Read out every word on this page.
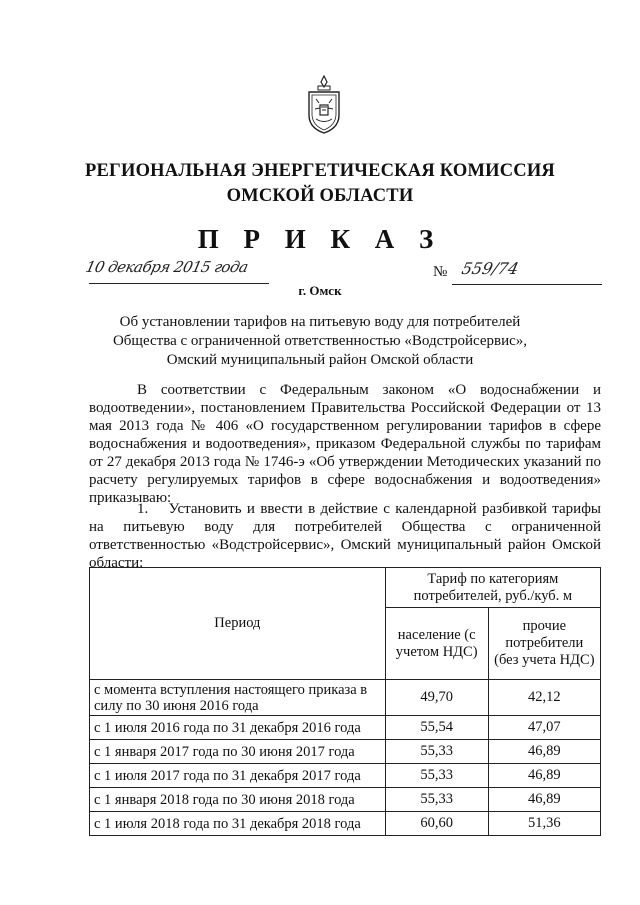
РЕГИОНАЛЬНАЯ ЭНЕРГЕТИЧЕСКАЯ КОМИССИЯ
ОМСКОЙ ОБЛАСТИ
П Р И К А З
10 декабря 2015 года	№ 559/74
г. Омск
Об установлении тарифов на питьевую воду для потребителей
Общества с ограниченной ответственностью «Водстройсервис»,
Омский муниципальный район Омской области
В соответствии с Федеральным законом «О водоснабжении и водоотведении», постановлением Правительства Российской Федерации от 13 мая 2013 года № 406 «О государственном регулировании тарифов в сфере водоснабжения и водоотведения», приказом Федеральной службы по тарифам от 27 декабря 2013 года № 1746-э «Об утверждении Методических указаний по расчету регулируемых тарифов в сфере водоснабжения и водоотведения» приказываю:
1.  Установить и ввести в действие с календарной разбивкой тарифы на питьевую воду для потребителей Общества с ограниченной ответственностью «Водстройсервис», Омский муниципальный район Омской области:
Период	Тариф по категориям потребителей, руб./куб. м	
	население (с учетом НДС)	прочие потребители (без учета НДС)
с момента вступления настоящего приказа в силу по 30 июня 2016 года	49,70	42,12
с 1 июля 2016 года по 31 декабря 2016 года	55,54	47,07
с 1 января 2017 года по 30 июня 2017 года	55,33	46,89
с 1 июля 2017 года по 31 декабря 2017 года	55,33	46,89
с 1 января 2018 года по 30 июня 2018 года	55,33	46,89
с 1 июля 2018 года по 31 декабря 2018 года	60,60	51,36
